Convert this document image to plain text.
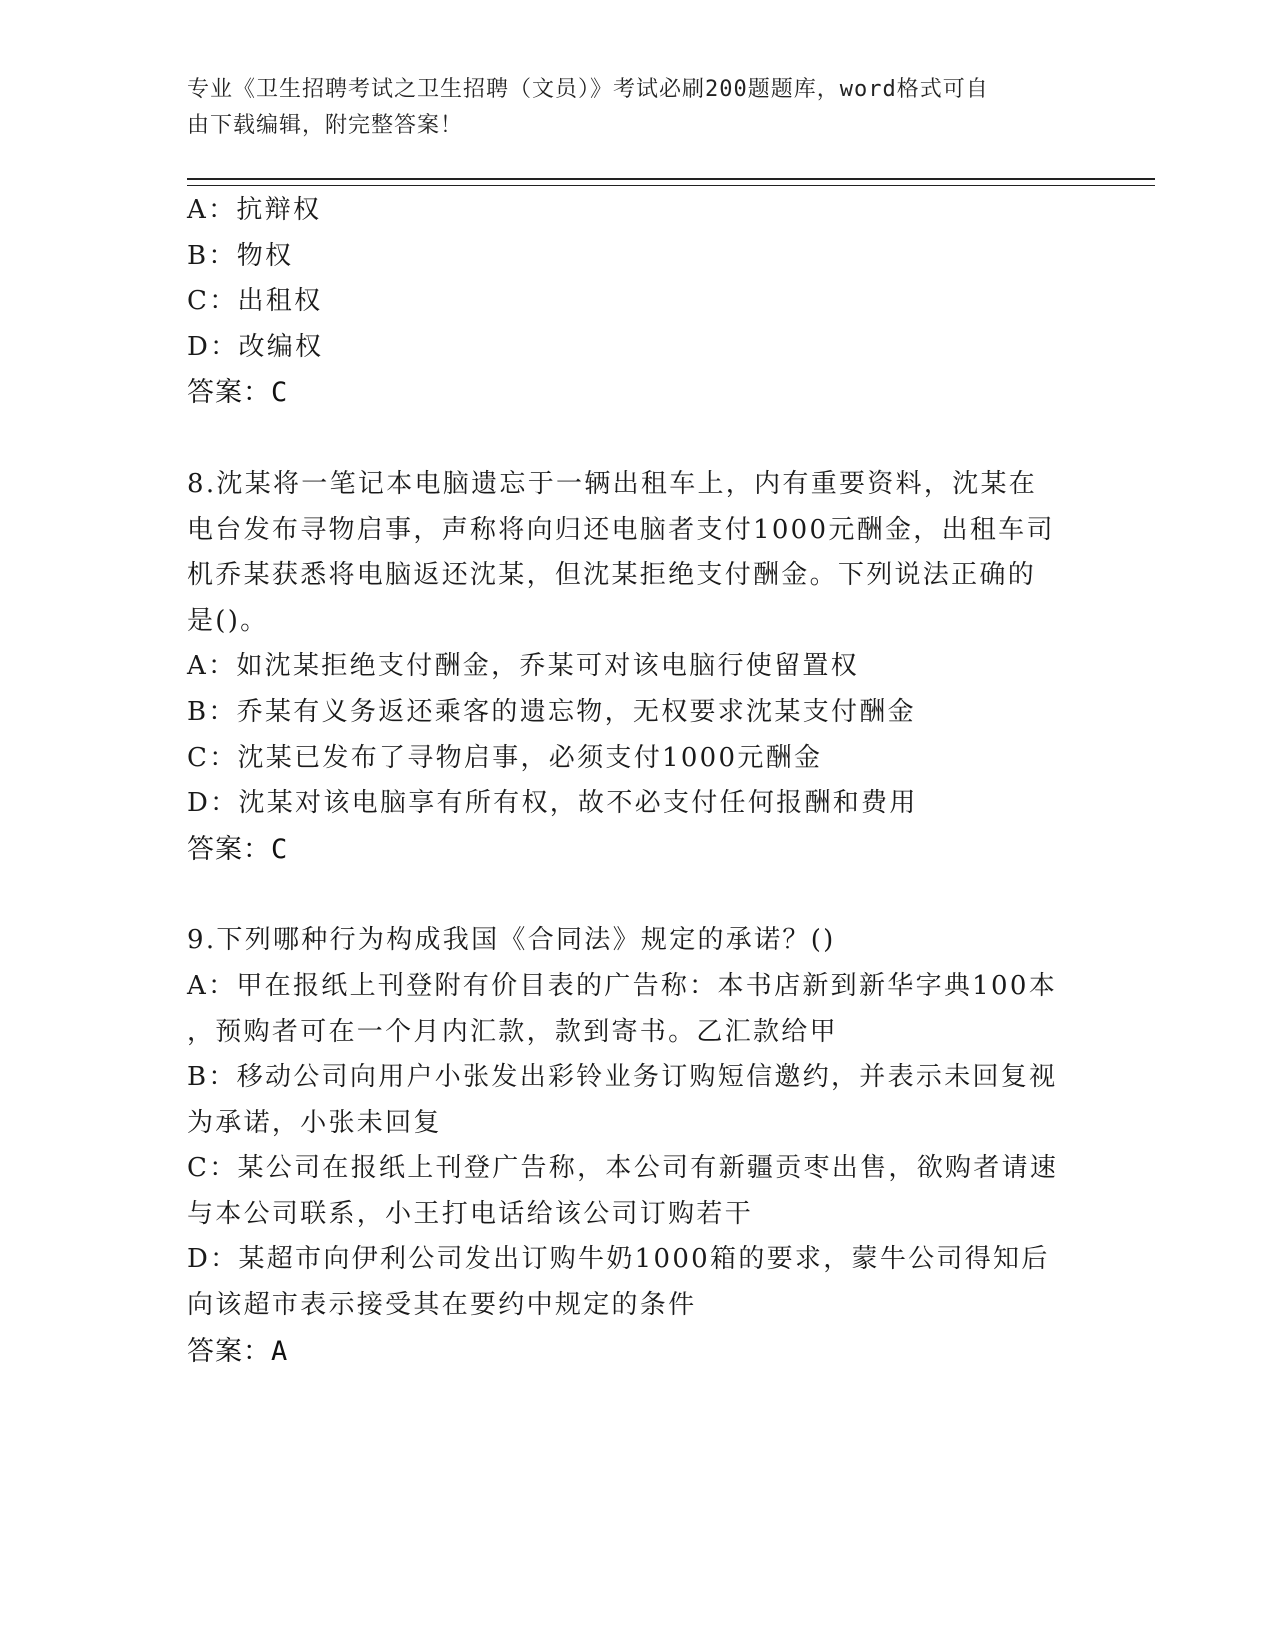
专业《卫生招聘考试之卫生招聘（文员）》考试必刷200题题库，word格式可自
由下载编辑，附完整答案！
A：抗辩权
B：物权
C：出租权
D：改编权
答案：C
8.沈某将一笔记本电脑遗忘于一辆出租车上，内有重要资料，沈某在
电台发布寻物启事，声称将向归还电脑者支付1000元酬金，出租车司
机乔某获悉将电脑返还沈某，但沈某拒绝支付酬金。下列说法正确的
是()。
A：如沈某拒绝支付酬金，乔某可对该电脑行使留置权
B：乔某有义务返还乘客的遗忘物，无权要求沈某支付酬金
C：沈某已发布了寻物启事，必须支付1000元酬金
D：沈某对该电脑享有所有权，故不必支付任何报酬和费用
答案：C
9.下列哪种行为构成我国《合同法》规定的承诺？()
A：甲在报纸上刊登附有价目表的广告称：本书店新到新华字典100本
，预购者可在一个月内汇款，款到寄书。乙汇款给甲
B：移动公司向用户小张发出彩铃业务订购短信邀约，并表示未回复视
为承诺，小张未回复
C：某公司在报纸上刊登广告称，本公司有新疆贡枣出售，欲购者请速
与本公司联系，小王打电话给该公司订购若干
D：某超市向伊利公司发出订购牛奶1000箱的要求，蒙牛公司得知后
向该超市表示接受其在要约中规定的条件
答案：A
